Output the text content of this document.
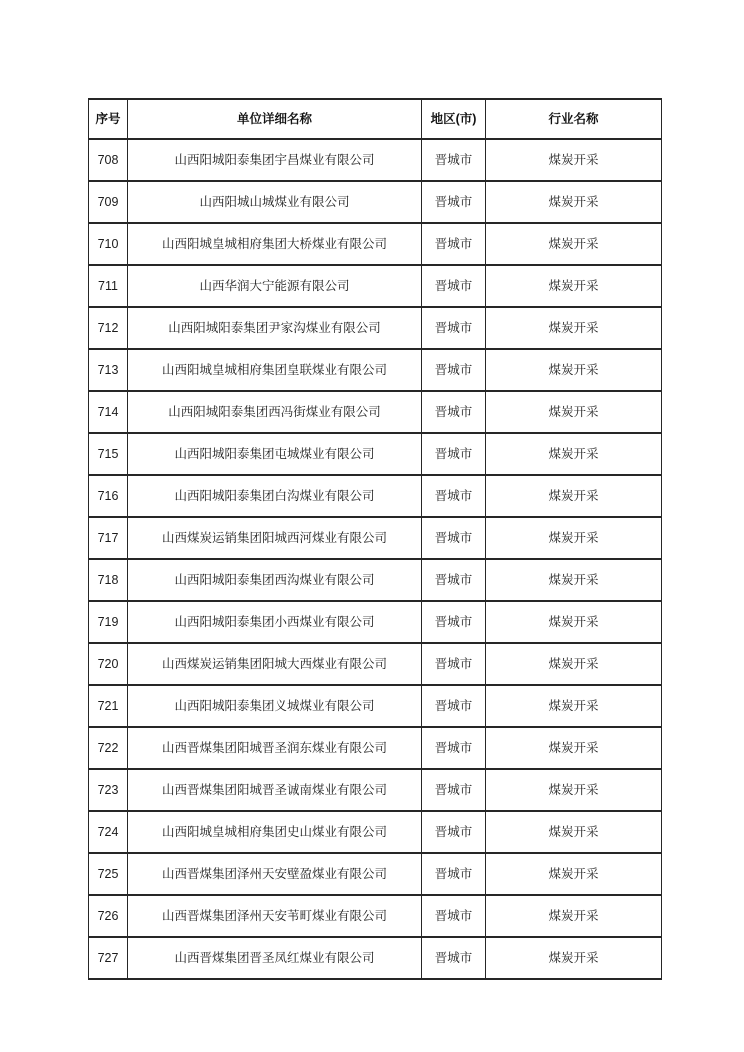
序号	单位详细名称	地区(市)	行业名称
708	山西阳城阳泰集团宇昌煤业有限公司	晋城市	煤炭开采
709	山西阳城山城煤业有限公司	晋城市	煤炭开采
710	山西阳城皇城相府集团大桥煤业有限公司	晋城市	煤炭开采
711	山西华润大宁能源有限公司	晋城市	煤炭开采
712	山西阳城阳泰集团尹家沟煤业有限公司	晋城市	煤炭开采
713	山西阳城皇城相府集团皇联煤业有限公司	晋城市	煤炭开采
714	山西阳城阳泰集团西冯街煤业有限公司	晋城市	煤炭开采
715	山西阳城阳泰集团屯城煤业有限公司	晋城市	煤炭开采
716	山西阳城阳泰集团白沟煤业有限公司	晋城市	煤炭开采
717	山西煤炭运销集团阳城西河煤业有限公司	晋城市	煤炭开采
718	山西阳城阳泰集团西沟煤业有限公司	晋城市	煤炭开采
719	山西阳城阳泰集团小西煤业有限公司	晋城市	煤炭开采
720	山西煤炭运销集团阳城大西煤业有限公司	晋城市	煤炭开采
721	山西阳城阳泰集团义城煤业有限公司	晋城市	煤炭开采
722	山西晋煤集团阳城晋圣润东煤业有限公司	晋城市	煤炭开采
723	山西晋煤集团阳城晋圣诚南煤业有限公司	晋城市	煤炭开采
724	山西阳城皇城相府集团史山煤业有限公司	晋城市	煤炭开采
725	山西晋煤集团泽州天安壁盈煤业有限公司	晋城市	煤炭开采
726	山西晋煤集团泽州天安苇町煤业有限公司	晋城市	煤炭开采
727	山西晋煤集团晋圣凤红煤业有限公司	晋城市	煤炭开采
